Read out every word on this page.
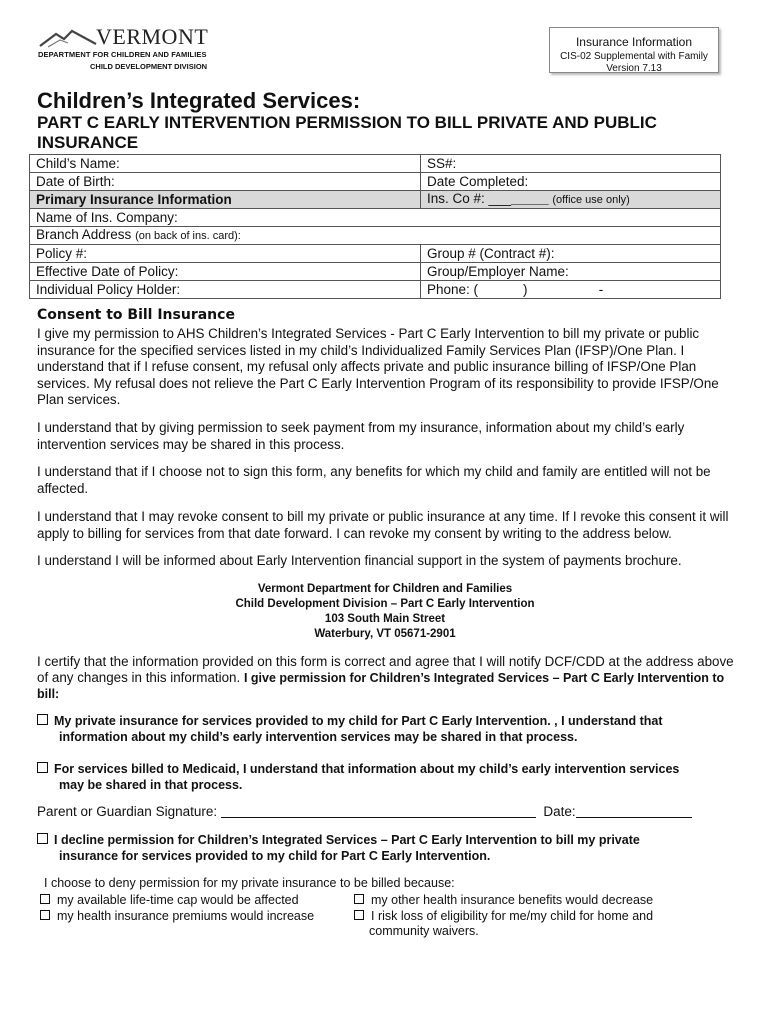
VERMONT
DEPARTMENT FOR CHILDREN AND FAMILIES
CHILD DEVELOPMENT DIVISION
Insurance Information
CIS-02 Supplemental with Family
Version 7.13
Children’s Integrated Services:
PART C EARLY INTERVENTION PERMISSION TO BILL PRIVATE AND PUBLIC INSURANCE
Child’s Name:	SS#:
Date of Birth:	Date Completed:
Primary Insurance Information	Ins. Co #: ________ (office use only)
Name of Ins. Company:	
Branch Address (on back of ins. card):	
Policy #:	Group # (Contract #):
Effective Date of Policy:	Group/Employer Name:
Individual Policy Holder:	Phone: (            )                   -
Consent to Bill Insurance
I give my permission to AHS Children’s Integrated Services - Part C Early Intervention to bill my private or public insurance for the specified services listed in my child’s Individualized Family Services Plan (IFSP)/One Plan. I understand that if I refuse consent, my refusal only affects private and public insurance billing of IFSP/One Plan services. My refusal does not relieve the Part C Early Intervention Program of its responsibility to provide IFSP/One Plan services.
I understand that by giving permission to seek payment from my insurance, information about my child’s early intervention services may be shared in this process.
I understand that if I choose not to sign this form, any benefits for which my child and family are entitled will not be affected.
I understand that I may revoke consent to bill my private or public insurance at any time. If I revoke this consent it will apply to billing for services from that date forward. I can revoke my consent by writing to the address below.
I understand I will be informed about Early Intervention financial support in the system of payments brochure.
Vermont Department for Children and Families
Child Development Division – Part C Early Intervention
103 South Main Street
Waterbury, VT 05671-2901
I certify that the information provided on this form is correct and agree that I will notify DCF/CDD at the address above of any changes in this information. I give permission for Children’s Integrated Services – Part C Early Intervention to bill:
My private insurance for services provided to my child for Part C Early Intervention. , I understand that
information about my child’s early intervention services may be shared in that process.
For services billed to Medicaid, I understand that information about my child’s early intervention services
may be shared in that process.
Parent or Guardian Signature:	Date:
I decline permission for Children’s Integrated Services – Part C Early Intervention to bill my private
insurance for services provided to my child for Part C Early Intervention.
I choose to deny permission for my private insurance to be billed because:
my available life-time cap would be affected
my health insurance premiums would increase
my other health insurance benefits would decrease
I risk loss of eligibility for me/my child for home and
community waivers.
